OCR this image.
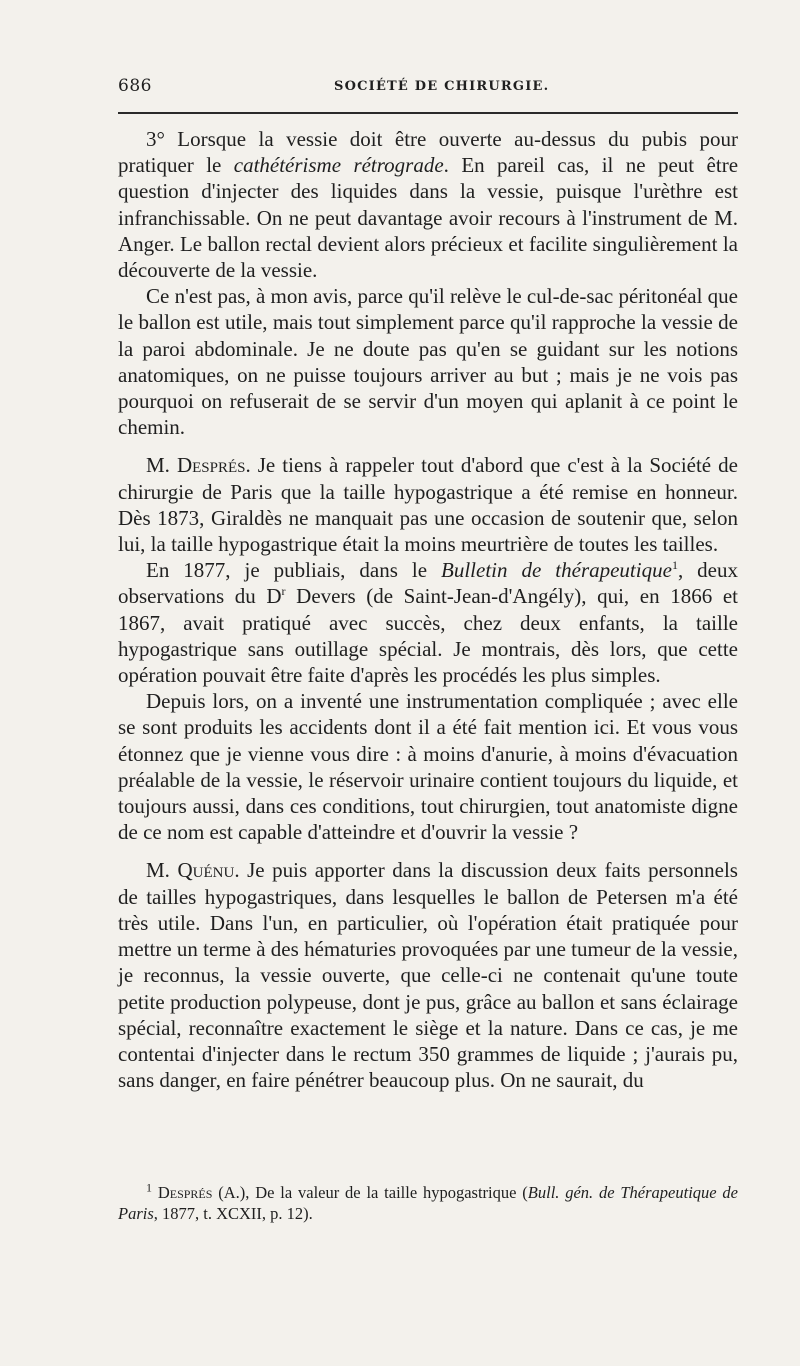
686	SOCIÉTÉ DE CHIRURGIE.

3° Lorsque la vessie doit être ouverte au-dessus du pubis pour pratiquer le cathétérisme rétrograde. En pareil cas, il ne peut être question d'injecter des liquides dans la vessie, puisque l'urèthre est infranchissable. On ne peut davantage avoir recours à l'instrument de M. Anger. Le ballon rectal devient alors précieux et facilite singulièrement la découverte de la vessie.

Ce n'est pas, à mon avis, parce qu'il relève le cul-de-sac péritonéal que le ballon est utile, mais tout simplement parce qu'il rapproche la vessie de la paroi abdominale. Je ne doute pas qu'en se guidant sur les notions anatomiques, on ne puisse toujours arriver au but ; mais je ne vois pas pourquoi on refuserait de se servir d'un moyen qui aplanit à ce point le chemin.

M. Després. Je tiens à rappeler tout d'abord que c'est à la Société de chirurgie de Paris que la taille hypogastrique a été remise en honneur. Dès 1873, Giraldès ne manquait pas une occasion de soutenir que, selon lui, la taille hypogastrique était la moins meurtrière de toutes les tailles.

En 1877, je publiais, dans le Bulletin de thérapeutique$^1$, deux observations du $D^r$ Devers (de Saint-Jean-d'Angély), qui, en 1866 et 1867, avait pratiqué avec succès, chez deux enfants, la taille hypogastrique sans outillage spécial. Je montrais, dès lors, que cette opération pouvait être faite d'après les procédés les plus simples.

Depuis lors, on a inventé une instrumentation compliquée ; avec elle se sont produits les accidents dont il a été fait mention ici. Et vous vous étonnez que je vienne vous dire : à moins d'anurie, à moins d'évacuation préalable de la vessie, le réservoir urinaire contient toujours du liquide, et toujours aussi, dans ces conditions, tout chirurgien, tout anatomiste digne de ce nom est capable d'atteindre et d'ouvrir la vessie ?

M. Quénu. Je puis apporter dans la discussion deux faits personnels de tailles hypogastriques, dans lesquelles le ballon de Petersen m'a été très utile. Dans l'un, en particulier, où l'opération était pratiquée pour mettre un terme à des hématuries provoquées par une tumeur de la vessie, je reconnus, la vessie ouverte, que celle-ci ne contenait qu'une toute petite production polypeuse, dont je pus, grâce au ballon et sans éclairage spécial, reconnaître exactement le siège et la nature. Dans ce cas, je me contentai d'injecter dans le rectum 350 grammes de liquide ; j'aurais pu, sans danger, en faire pénétrer beaucoup plus. On ne saurait, du

$^1$ Després (A.), De la valeur de la taille hypogastrique (Bull. gén. de Thérapeutique de Paris, 1877, t. XCXII, p. 12).
